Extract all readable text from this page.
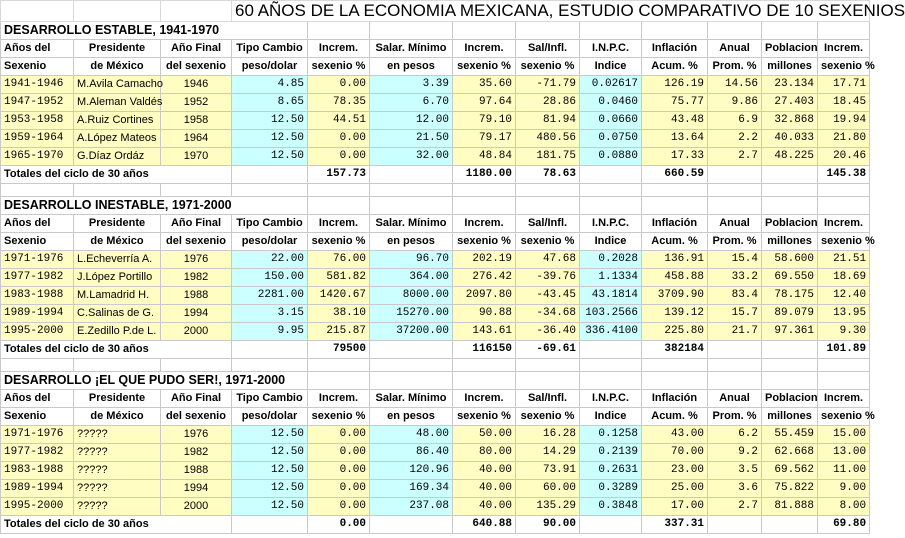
			60 AÑOS DE LA ECONOMIA MEXICANA, ESTUDIO COMPARATIVO DE 10 SEXENIOS									
DESARROLLO ESTABLE, 1941-1970												
Años del	Presidente	Año Final	Tipo Cambio	Increm.	Salar. Mínimo	Increm.	Sal/Infl.	I.N.P.C.	Inflación	Anual	Poblacion	Increm.
Sexenio	de México	del sexenio	peso/dolar	sexenio %	en pesos	sexenio %	sexenio %	Indice	Acum. %	Prom. %	millones	sexenio %
1941-1946	M.Avila Camacho	1946	4.85	0.00	3.39	35.60	-71.79	0.02617	126.19	14.56	23.134	17.71
1947-1952	M.Aleman Valdés	1952	8.65	78.35	6.70	97.64	28.86	0.0460	75.77	9.86	27.403	18.45
1953-1958	A.Ruiz Cortines	1958	12.50	44.51	12.00	79.10	81.94	0.0660	43.48	6.9	32.868	19.94
1959-1964	A.López Mateos	1964	12.50	0.00	21.50	79.17	480.56	0.0750	13.64	2.2	40.033	21.80
1965-1970	G.Díaz Ordáz	1970	12.50	0.00	32.00	48.84	181.75	0.0880	17.33	2.7	48.225	20.46
Totales del ciclo de 30 años				157.73		1180.00	78.63		660.59			145.38

DESARROLLO INESTABLE, 1971-2000												
Años del	Presidente	Año Final	Tipo Cambio	Increm.	Salar. Mínimo	Increm.	Sal/Infl.	I.N.P.C.	Inflación	Anual	Poblacion	Increm.
Sexenio	de México	del sexenio	peso/dolar	sexenio %	en pesos	sexenio %	sexenio %	Indice	Acum. %	Prom. %	millones	sexenio %
1971-1976	L.Echeverría A.	1976	22.00	76.00	96.70	202.19	47.68	0.2028	136.91	15.4	58.600	21.51
1977-1982	J.López Portillo	1982	150.00	581.82	364.00	276.42	-39.76	1.1334	458.88	33.2	69.550	18.69
1983-1988	M.Lamadrid H.	1988	2281.00	1420.67	8000.00	2097.80	-43.45	43.1814	3709.90	83.4	78.175	12.40
1989-1994	C.Salinas de G.	1994	3.15	38.10	15270.00	90.88	-34.68	103.2566	139.12	15.7	89.079	13.95
1995-2000	E.Zedillo P.de L.	2000	9.95	215.87	37200.00	143.61	-36.40	336.4100	225.80	21.7	97.361	9.30
Totales del ciclo de 30 años				79500		116150	-69.61		382184			101.89

DESARROLLO ¡EL QUE PUDO SER!, 1971-2000												
Años del	Presidente	Año Final	Tipo Cambio	Increm.	Salar. Mínimo	Increm.	Sal/Infl.	I.N.P.C.	Inflación	Anual	Poblacion	Increm.
Sexenio	de México	del sexenio	peso/dolar	sexenio %	en pesos	sexenio %	sexenio %	Indice	Acum. %	Prom. %	millones	sexenio %
1971-1976	?????	1976	12.50	0.00	48.00	50.00	16.28	0.1258	43.00	6.2	55.459	15.00
1977-1982	?????	1982	12.50	0.00	86.40	80.00	14.29	0.2139	70.00	9.2	62.668	13.00
1983-1988	?????	1988	12.50	0.00	120.96	40.00	73.91	0.2631	23.00	3.5	69.562	11.00
1989-1994	?????	1994	12.50	0.00	169.34	40.00	60.00	0.3289	25.00	3.6	75.822	9.00
1995-2000	?????	2000	12.50	0.00	237.08	40.00	135.29	0.3848	17.00	2.7	81.888	8.00
Totales del ciclo de 30 años				0.00		640.88	90.00		337.31			69.80
